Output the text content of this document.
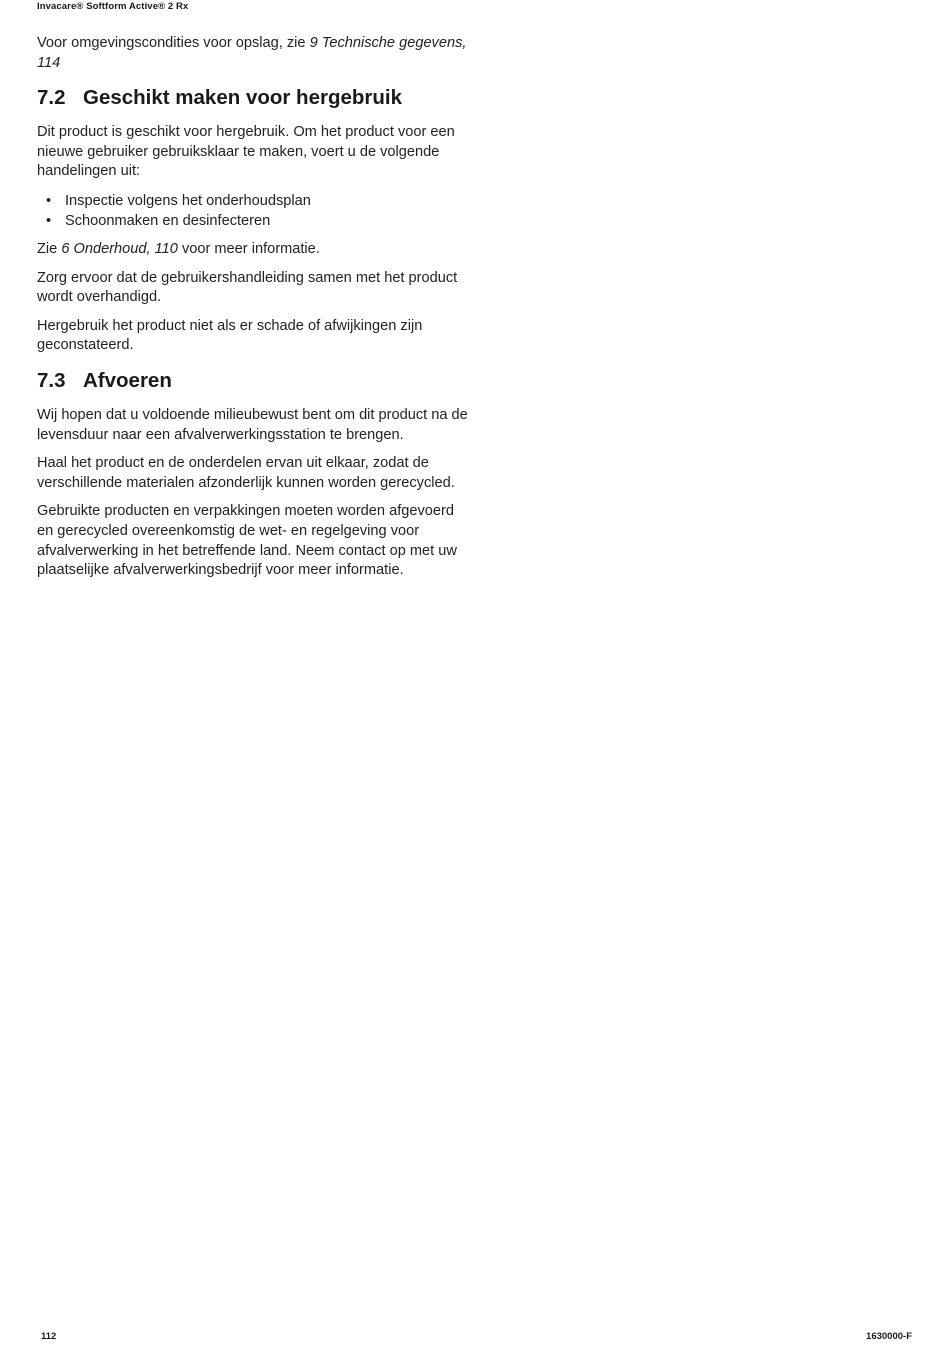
Invacare® Softform Active® 2 Rx

Voor omgevingscondities voor opslag, zie 9 Technische gegevens, 114

7.2 Geschikt maken voor hergebruik

Dit product is geschikt voor hergebruik. Om het product voor een nieuwe gebruiker gebruiksklaar te maken, voert u de volgende handelingen uit:

• Inspectie volgens het onderhoudsplan
• Schoonmaken en desinfecteren

Zie 6 Onderhoud, 110 voor meer informatie.

Zorg ervoor dat de gebruikershandleiding samen met het product wordt overhandigd.

Hergebruik het product niet als er schade of afwijkingen zijn geconstateerd.

7.3 Afvoeren

Wij hopen dat u voldoende milieubewust bent om dit product na de levensduur naar een afvalverwerkingsstation te brengen.

Haal het product en de onderdelen ervan uit elkaar, zodat de verschillende materialen afzonderlijk kunnen worden gerecycled.

Gebruikte producten en verpakkingen moeten worden afgevoerd en gerecycled overeenkomstig de wet- en regelgeving voor afvalverwerking in het betreffende land. Neem contact op met uw plaatselijke afvalverwerkingsbedrijf voor meer informatie.

112	1630000-F
